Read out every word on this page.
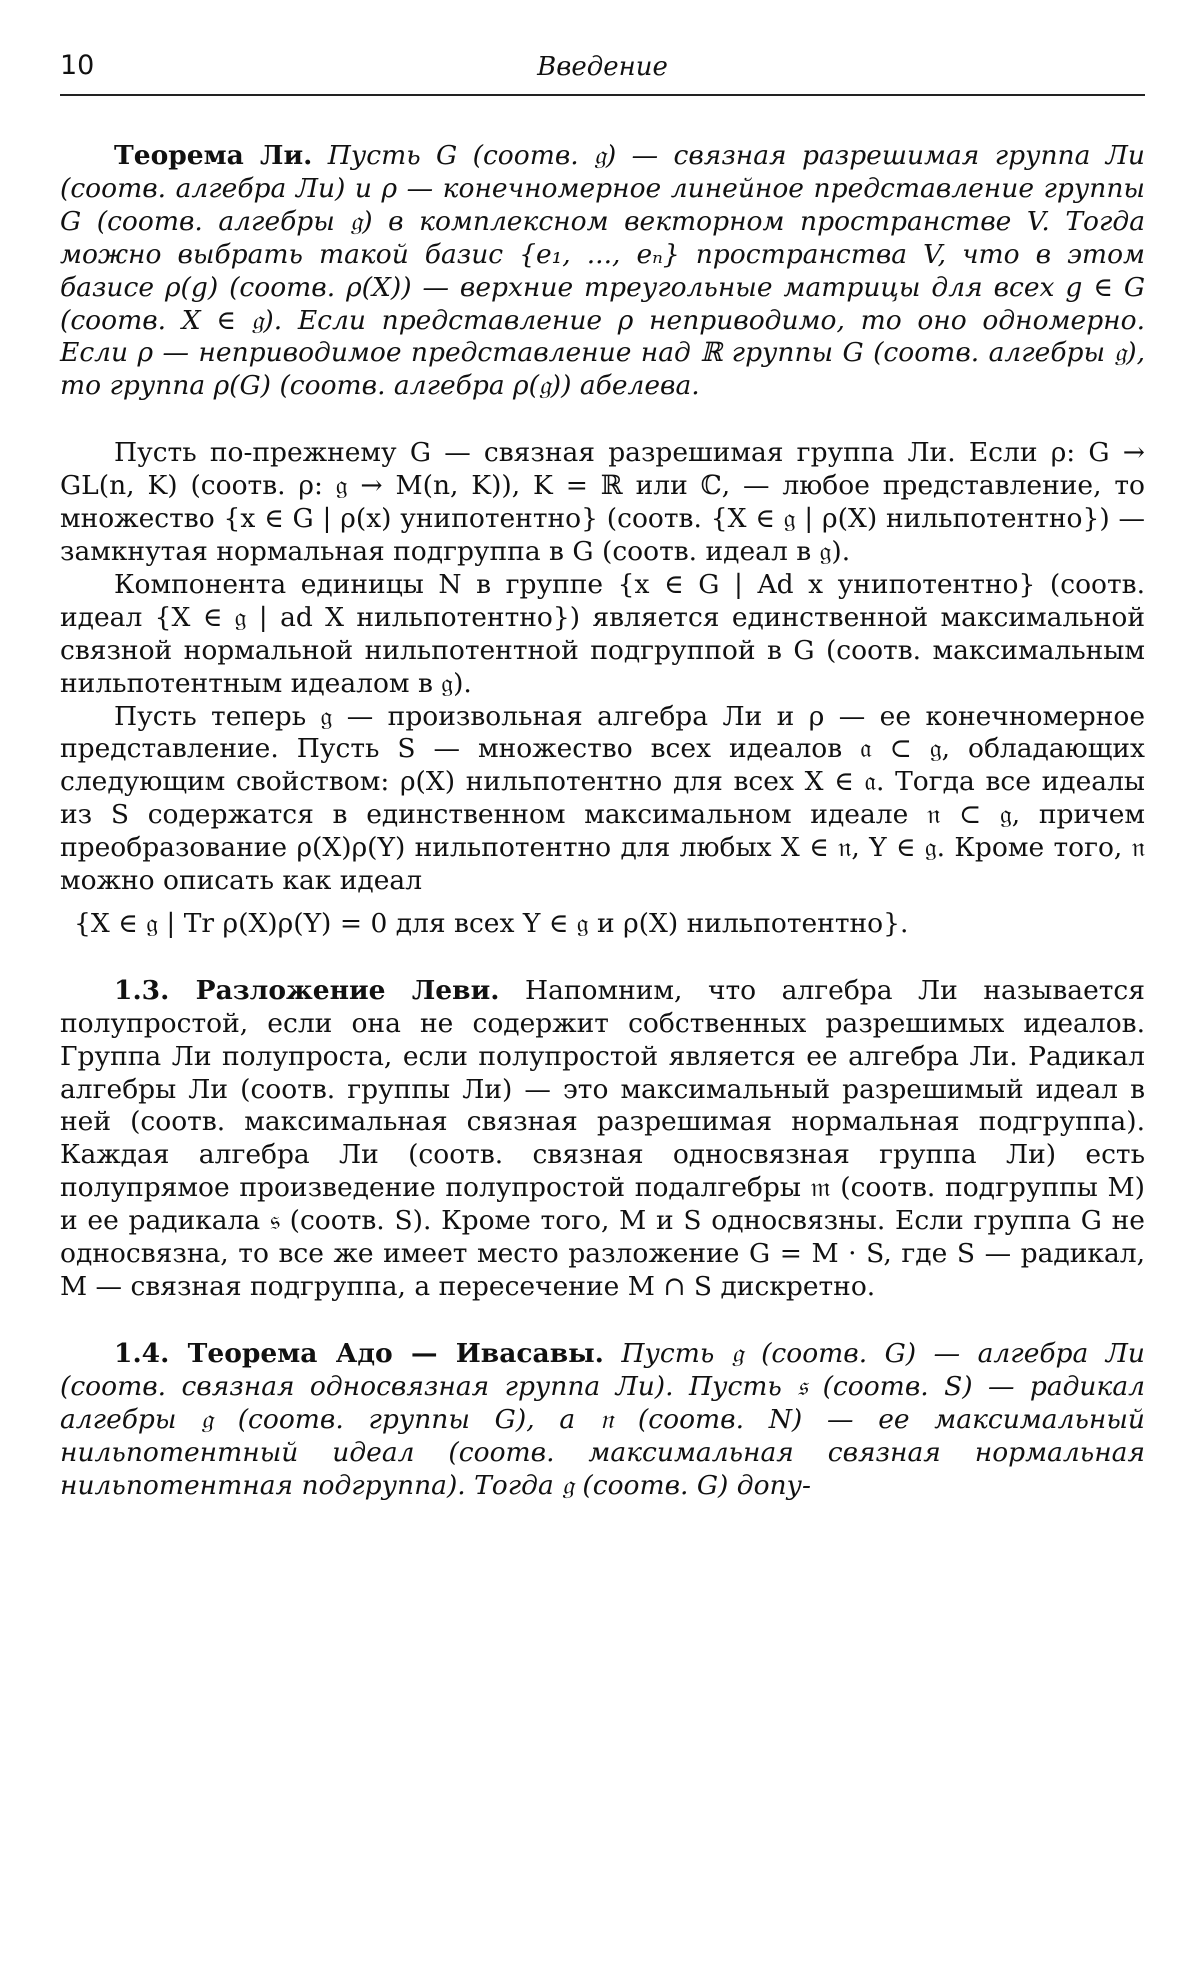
10	Введение

Теорема Ли. Пусть G (соотв. 𝔤) — связная разрешимая группа Ли (соотв. алгебра Ли) и ρ — конечномерное линейное представление группы G (соотв. алгебры 𝔤) в комплексном векторном пространстве V. Тогда можно выбрать такой базис {e₁, ..., eₙ} пространства V, что в этом базисе ρ(g) (соотв. ρ(X)) — верхние треугольные матрицы для всех g ∈ G (соотв. X ∈ 𝔤). Если представление ρ неприводимо, то оно одномерно. Если ρ — неприводимое представление над ℝ группы G (соотв. алгебры 𝔤), то группа ρ(G) (соотв. алгебра ρ(𝔤)) абелева.

Пусть по-прежнему G — связная разрешимая группа Ли. Если ρ: G → GL(n, K) (соотв. ρ: 𝔤 → M(n, K)), K = ℝ или ℂ, — любое представление, то множество {x ∈ G | ρ(x) унипотентно} (соотв. {X ∈ 𝔤 | ρ(X) нильпотентно}) — замкнутая нормальная подгруппа в G (соотв. идеал в 𝔤).

Компонента единицы N в группе {x ∈ G | Ad x унипотентно} (соотв. идеал {X ∈ 𝔤 | ad X нильпотентно}) является единственной максимальной связной нормальной нильпотентной подгруппой в G (соотв. максимальным нильпотентным идеалом в 𝔤).

Пусть теперь 𝔤 — произвольная алгебра Ли и ρ — ее конечномерное представление. Пусть S — множество всех идеалов 𝔞 ⊂ 𝔤, обладающих следующим свойством: ρ(X) нильпотентно для всех X ∈ 𝔞. Тогда все идеалы из S содержатся в единственном максимальном идеале 𝔫 ⊂ 𝔤, причем преобразование ρ(X)ρ(Y) нильпотентно для любых X ∈ 𝔫, Y ∈ 𝔤. Кроме того, 𝔫 можно описать как идеал

{X ∈ 𝔤 | Tr ρ(X)ρ(Y) = 0 для всех Y ∈ 𝔤 и ρ(X) нильпотентно}.

1.3. Разложение Леви. Напомним, что алгебра Ли называется полупростой, если она не содержит собственных разрешимых идеалов. Группа Ли полупроста, если полупростой является ее алгебра Ли. Радикал алгебры Ли (соотв. группы Ли) — это максимальный разрешимый идеал в ней (соотв. максимальная связная разрешимая нормальная подгруппа). Каждая алгебра Ли (соотв. связная односвязная группа Ли) есть полупрямое произведение полупростой подалгебры 𝔪 (соотв. подгруппы M) и ее радикала 𝔰 (соотв. S). Кроме того, M и S односвязны. Если группа G не односвязна, то все же имеет место разложение G = M · S, где S — радикал, M — связная подгруппа, а пересечение M ∩ S дискретно.

1.4. Теорема Адо — Ивасавы. Пусть 𝔤 (соотв. G) — алгебра Ли (соотв. связная односвязная группа Ли). Пусть 𝔰 (соотв. S) — радикал алгебры 𝔤 (соотв. группы G), а 𝔫 (соотв. N) — ее максимальный нильпотентный идеал (соотв. максимальная связная нормальная нильпотентная подгруппа). Тогда 𝔤 (соотв. G) допу-
